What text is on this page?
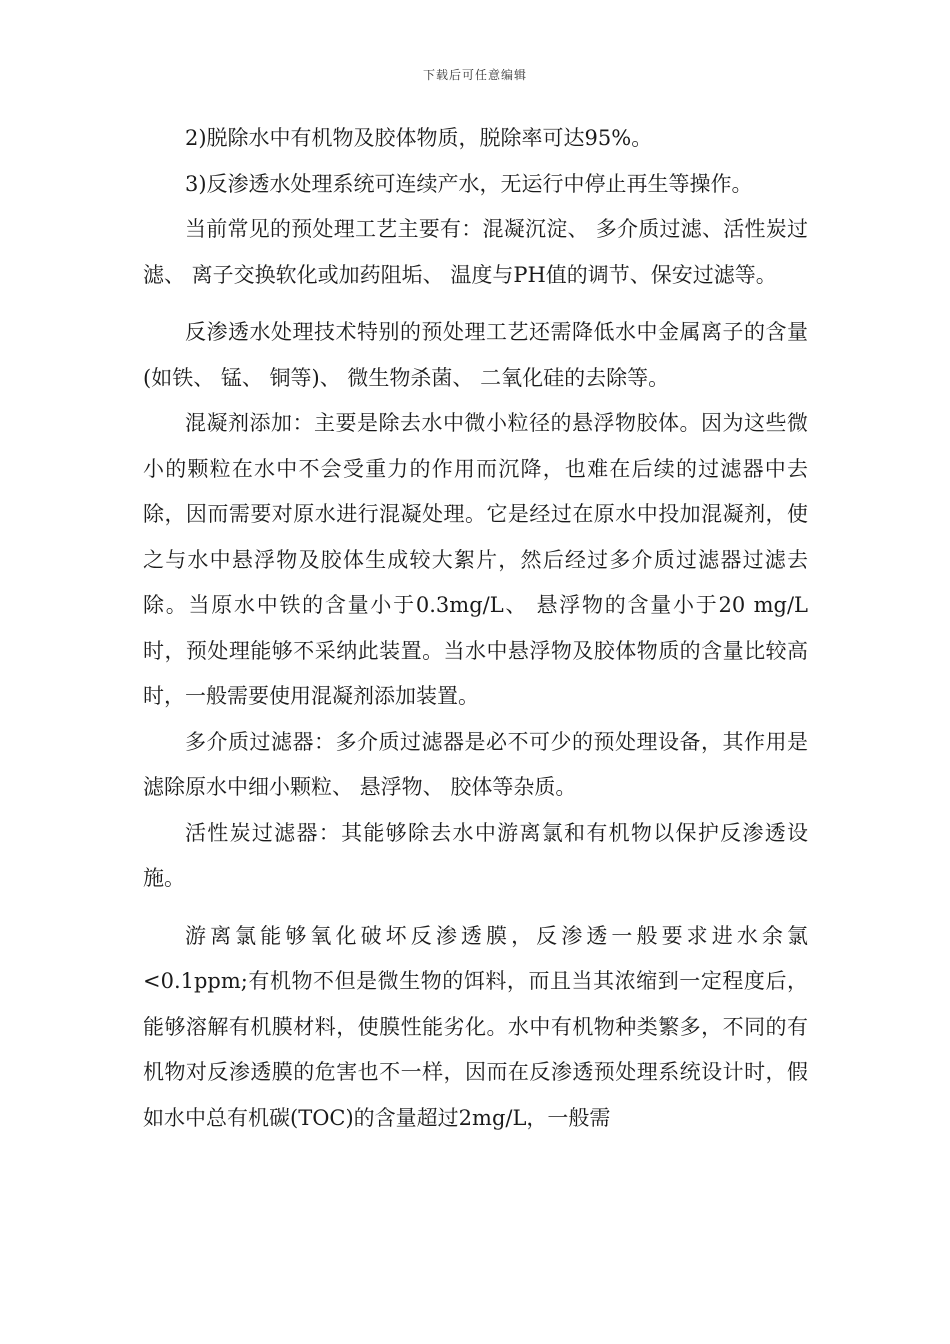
下载后可任意编辑

2)脱除水中有机物及胶体物质，脱除率可达95%。

3)反渗透水处理系统可连续产水，无运行中停止再生等操作。

当前常见的预处理工艺主要有：混凝沉淀、 多介质过滤、活性炭过滤、 离子交换软化或加药阻垢、 温度与PH值的调节、保安过滤等。

反渗透水处理技术特别的预处理工艺还需降低水中金属离子的含量(如铁、 锰、 铜等)、 微生物杀菌、 二氧化硅的去除等。

混凝剂添加：主要是除去水中微小粒径的悬浮物胶体。因为这些微小的颗粒在水中不会受重力的作用而沉降，也难在后续的过滤器中去除，因而需要对原水进行混凝处理。它是经过在原水中投加混凝剂，使之与水中悬浮物及胶体生成较大絮片，然后经过多介质过滤器过滤去除。当原水中铁的含量小于0.3mg/L、 悬浮物的含量小于20 mg/L时，预处理能够不采纳此装置。当水中悬浮物及胶体物质的含量比较高时，一般需要使用混凝剂添加装置。

多介质过滤器：多介质过滤器是必不可少的预处理设备，其作用是滤除原水中细小颗粒、 悬浮物、 胶体等杂质。

活性炭过滤器：其能够除去水中游离氯和有机物以保护反渗透设施。

游离氯能够氧化破坏反渗透膜，反渗透一般要求进水余氯<0.1ppm;有机物不但是微生物的饵料，而且当其浓缩到一定程度后，能够溶解有机膜材料，使膜性能劣化。水中有机物种类繁多，不同的有机物对反渗透膜的危害也不一样，因而在反渗透预处理系统设计时，假如水中总有机碳(TOC)的含量超过2mg/L，一般需
